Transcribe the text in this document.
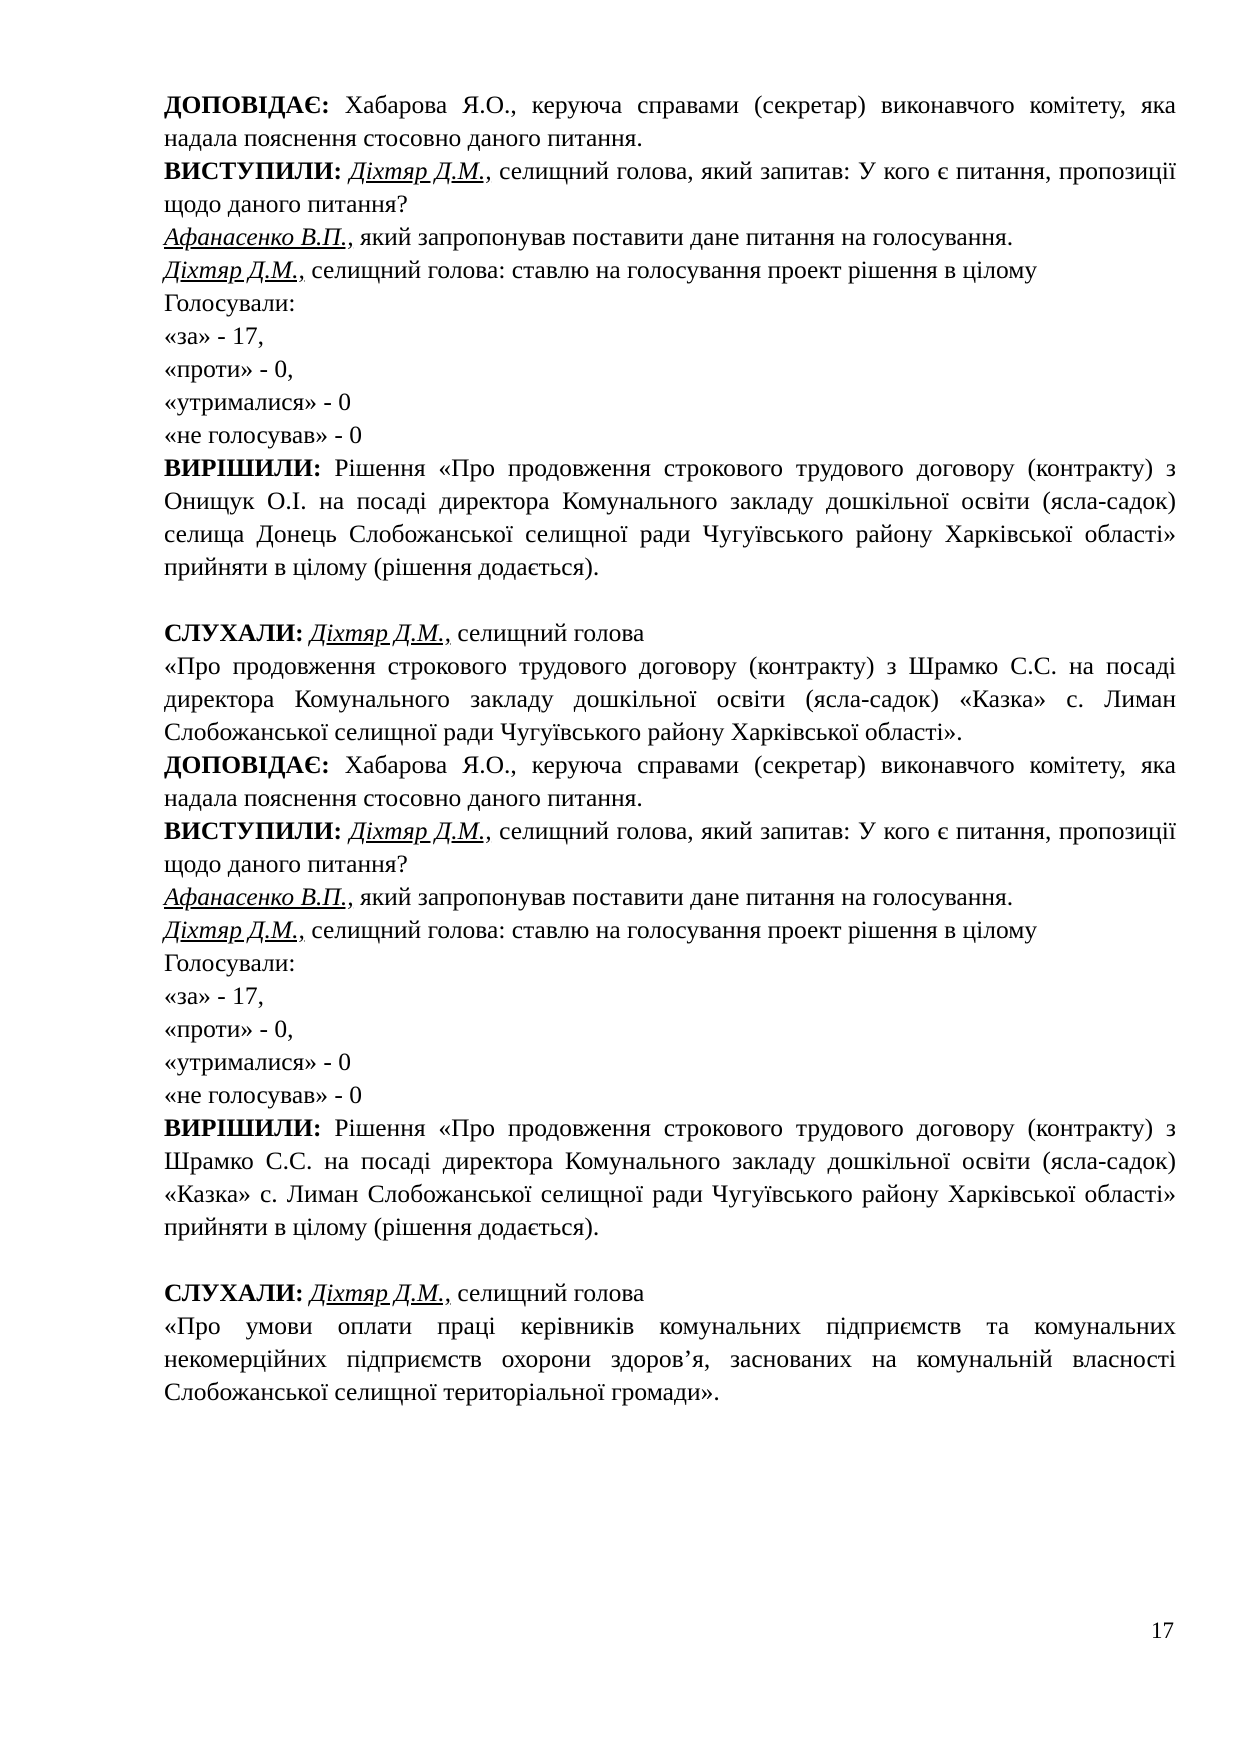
ДОПОВІДАЄ: Хабарова Я.О., керуюча справами (секретар) виконавчого комітету, яка надала пояснення стосовно даного питання.

ВИСТУПИЛИ: Діхтяр Д.М., селищний голова, який запитав: У кого є питання, пропозиції щодо даного питання?

Афанасенко В.П., який запропонував поставити дане питання на голосування.

Діхтяр Д.М., селищний голова: ставлю на голосування проект рішення в цілому

Голосували:

«за» - 17,

«проти» - 0,

«утрималися» - 0

«не голосував» - 0

ВИРІШИЛИ: Рішення «Про продовження строкового трудового договору (контракту) з Онищук О.І. на посаді директора Комунального закладу дошкільної освіти (ясла-садок) селища Донець Слобожанської селищної ради Чугуївського району Харківської області» прийняти в цілому (рішення додається).

СЛУХАЛИ: Діхтяр Д.М., селищний голова

«Про продовження строкового трудового договору (контракту) з Шрамко С.С. на посаді директора Комунального закладу дошкільної освіти (ясла-садок) «Казка» с. Лиман Слобожанської селищної ради Чугуївського району Харківської області».

ДОПОВІДАЄ: Хабарова Я.О., керуюча справами (секретар) виконавчого комітету, яка надала пояснення стосовно даного питання.

ВИСТУПИЛИ: Діхтяр Д.М., селищний голова, який запитав: У кого є питання, пропозиції щодо даного питання?

Афанасенко В.П., який запропонував поставити дане питання на голосування.

Діхтяр Д.М., селищний голова: ставлю на голосування проект рішення в цілому

Голосували:

«за» - 17,

«проти» - 0,

«утрималися» - 0

«не голосував» - 0

ВИРІШИЛИ: Рішення «Про продовження строкового трудового договору (контракту) з Шрамко С.С. на посаді директора Комунального закладу дошкільної освіти (ясла-садок) «Казка» с. Лиман Слобожанської селищної ради Чугуївського району Харківської області» прийняти в цілому (рішення додається).

СЛУХАЛИ: Діхтяр Д.М., селищний голова

«Про умови оплати праці керівників комунальних підприємств та комунальних некомерційних підприємств охорони здоров’я, заснованих на комунальній власності Слобожанської селищної територіальної громади».

17
